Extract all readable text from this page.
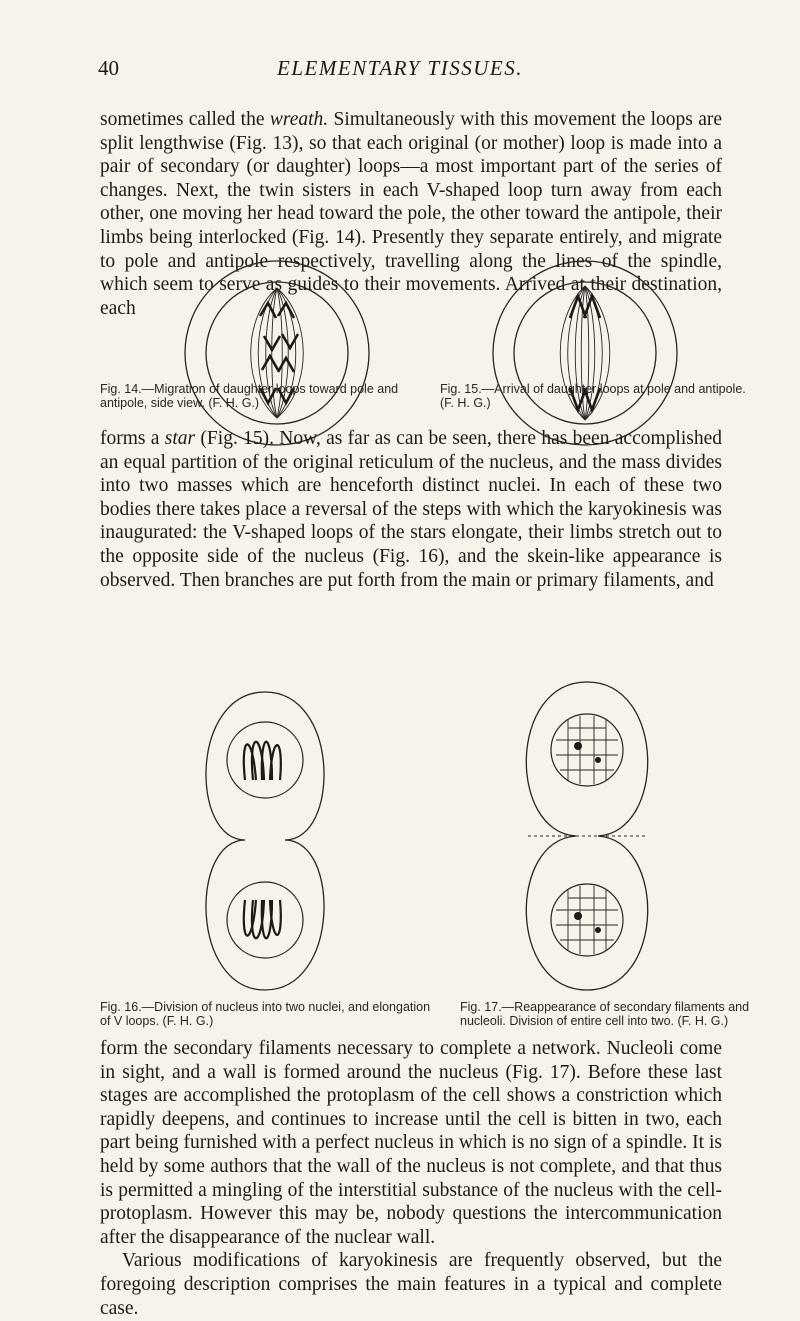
40	ELEMENTARY TISSUES.

sometimes called the wreath. Simultaneously with this movement the loops are split lengthwise (Fig. 13), so that each original (or mother) loop is made into a pair of secondary (or daughter) loops—a most important part of the series of changes. Next, the twin sisters in each V-shaped loop turn away from each other, one moving her head toward the pole, the other toward the antipole, their limbs being interlocked (Fig. 14). Presently they separate entirely, and migrate to pole and antipole respectively, travelling along the lines of the spindle, which seem to serve as guides to their movements. Arrived at their destination, each

Fig. 14.—Migration of daughter loops toward pole and antipole, side view. (F. H. G.)
Fig. 15.—Arrival of daughter loops at pole and antipole. (F. H. G.)

forms a star (Fig. 15). Now, as far as can be seen, there has been accomplished an equal partition of the original reticulum of the nucleus, and the mass divides into two masses which are henceforth distinct nuclei. In each of these two bodies there takes place a reversal of the steps with which the karyokinesis was inaugurated: the V-shaped loops of the stars elongate, their limbs stretch out to the opposite side of the nucleus (Fig. 16), and the skein-like appearance is observed. Then branches are put forth from the main or primary filaments, and

Fig. 16.—Division of nucleus into two nuclei, and elongation of V loops. (F. H. G.)
Fig. 17.—Reappearance of secondary filaments and nucleoli. Division of entire cell into two. (F. H. G.)

form the secondary filaments necessary to complete a network. Nucleoli come in sight, and a wall is formed around the nucleus (Fig. 17). Before these last stages are accomplished the protoplasm of the cell shows a constriction which rapidly deepens, and continues to increase until the cell is bitten in two, each part being furnished with a perfect nucleus in which is no sign of a spindle. It is held by some authors that the wall of the nucleus is not complete, and that thus is permitted a mingling of the interstitial substance of the nucleus with the cell-protoplasm. However this may be, nobody questions the intercommunication after the disappearance of the nuclear wall.

Various modifications of karyokinesis are frequently observed, but the foregoing description comprises the main features in a typical and complete case.
